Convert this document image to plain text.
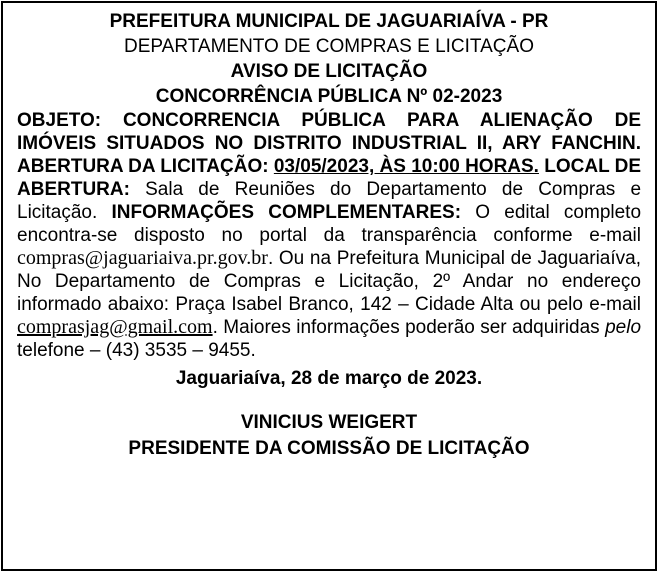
PREFEITURA MUNICIPAL DE JAGUARIAÍVA - PR
DEPARTAMENTO DE COMPRAS E LICITAÇÃO
AVISO DE LICITAÇÃO
CONCORRÊNCIA PÚBLICA Nº 02-2023
OBJETO: CONCORRENCIA PÚBLICA PARA ALIENAÇÃO DE IMÓVEIS SITUADOS NO DISTRITO INDUSTRIAL II, ARY FANCHIN. ABERTURA DA LICITAÇÃO: 03/05/2023, ÀS 10:00 HORAS. LOCAL DE ABERTURA: Sala de Reuniões do Departamento de Compras e Licitação. INFORMAÇÕES COMPLEMENTARES: O edital completo encontra-se disposto no portal da transparência conforme e-mail compras@jaguariaiva.pr.gov.br. Ou na Prefeitura Municipal de Jaguariaíva, No Departamento de Compras e Licitação, 2º Andar no endereço informado abaixo: Praça Isabel Branco, 142 – Cidade Alta ou pelo e-mail comprasjag@gmail.com. Maiores informações poderão ser adquiridas pelo telefone – (43) 3535 – 9455.
Jaguariaíva, 28 de março de 2023.
VINICIUS WEIGERT
PRESIDENTE DA COMISSÃO DE LICITAÇÃO
